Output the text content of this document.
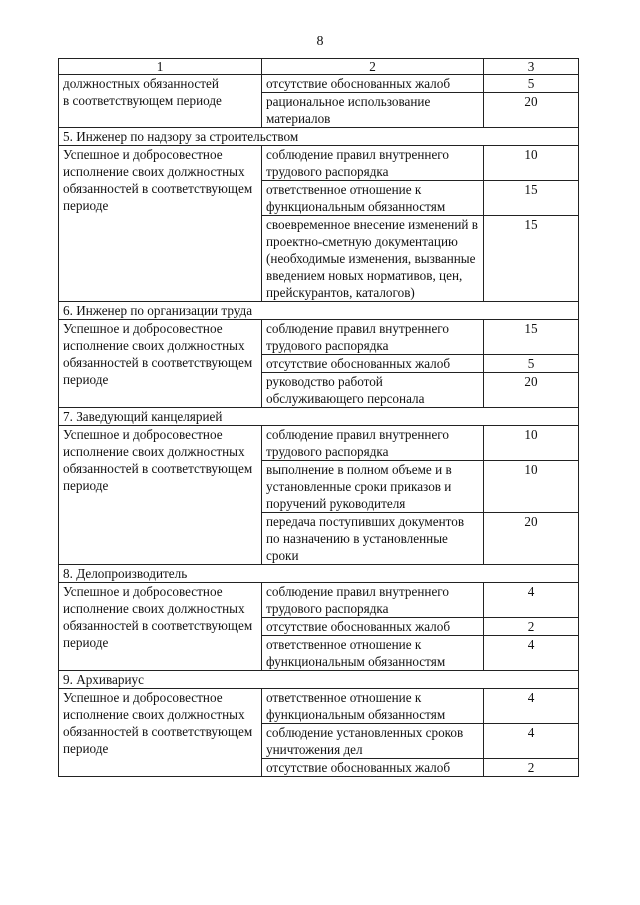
8
1	2	3
должностных обязанностей
в соответствующем периоде	отсутствие обоснованных жалоб	5
	рациональное использование материалов	20
5. Инженер по надзору за строительством		
Успешное и добросовестное исполнение своих должностных обязанностей в соответствующем периоде	соблюдение правил внутреннего трудового распорядка	10
	ответственное отношение к функциональным обязанностям	15
	своевременное внесение изменений в проектно-сметную документацию (необходимые изменения, вызванные введением новых нормативов, цен, прейскурантов, каталогов)	15
6. Инженер по организации труда		
Успешное и добросовестное исполнение своих должностных обязанностей в соответствующем периоде	соблюдение правил внутреннего трудового распорядка	15
	отсутствие обоснованных жалоб	5
	руководство работой обслуживающего персонала	20
7. Заведующий канцелярией		
Успешное и добросовестное исполнение своих должностных обязанностей в соответствующем периоде	соблюдение правил внутреннего трудового распорядка	10
	выполнение в полном объеме и в установленные сроки приказов и поручений руководителя	10
	передача поступивших документов по назначению в установленные сроки	20
8. Делопроизводитель		
Успешное и добросовестное исполнение своих должностных обязанностей в соответствующем периоде	соблюдение правил внутреннего трудового распорядка	4
	отсутствие обоснованных жалоб	2
	ответственное отношение к функциональным обязанностям	4
9. Архивариус		
Успешное и добросовестное исполнение своих должностных обязанностей в соответствующем периоде	ответственное отношение к функциональным обязанностям	4
	соблюдение установленных сроков уничтожения дел	4
	отсутствие обоснованных жалоб	2
